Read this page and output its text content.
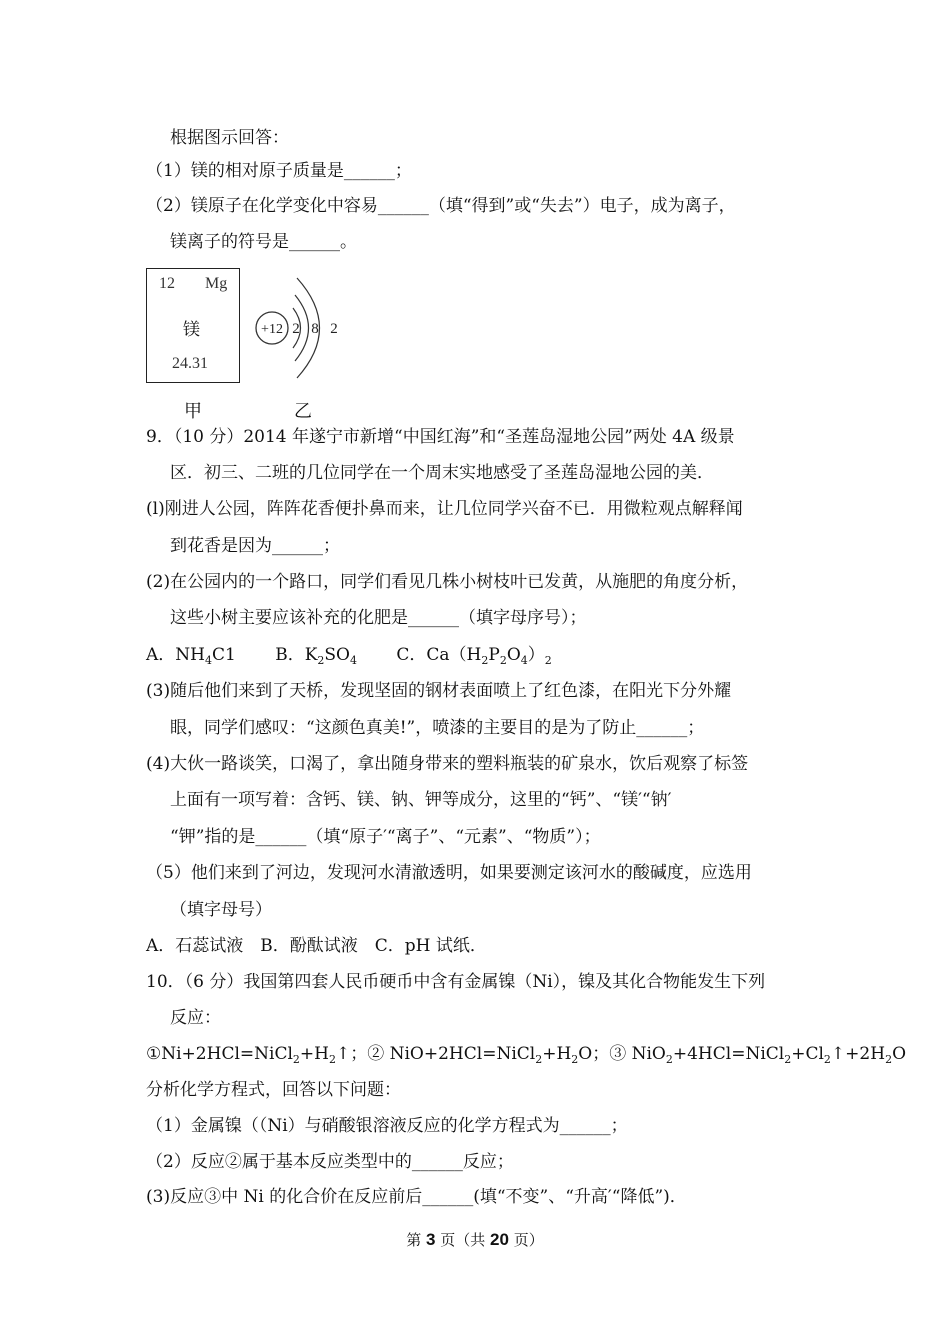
根据图示回答：
（1）镁的相对原子质量是______；
（2）镁原子在化学变化中容易______（填“得到”或“失去”）电子，成为离子，
镁离子的符号是______。
9．（10 分）2014 年遂宁市新增“中国红海”和“圣莲岛湿地公园”两处 4A 级景
区．初三、二班的几位同学在一个周末实地感受了圣莲岛湿地公园的美．
(l)刚进人公园，阵阵花香便扑鼻而来，让几位同学兴奋不已．用微粒观点解释闻
到花香是因为______；
(2)在公园内的一个路口，同学们看见几株小树枝叶已发黄，从施肥的角度分析，
这些小树主要应该补充的化肥是______（填字母序号）；
A．$NH_4C1$　　 B．$K_2SO_4$　　 C．$Ca(H_2P_2O_4)_2$
(3)随后他们来到了天桥，发现坚固的钢材表面喷上了红色漆，在阳光下分外耀
眼，同学们感叹：“这颜色真美!”，喷漆的主要目的是为了防止______；
(4)大伙一路谈笑，口渴了，拿出随身带来的塑料瓶装的矿泉水，饮后观察了标签
上面有一项写着：含钙、镁、钠、钾等成分，这里的“钙”、“镁′“钠′
“钾”指的是______（填“原子′“离子”、“元素”、“物质”）；
（5）他们来到了河边，发现河水清澈透明，如果要测定该河水的酸碱度，应选用
（填字母号）
A．石蕊试液　B．酚酞试液　C．pH 试纸．
10．（6 分）我国第四套人民币硬币中含有金属镍（Ni），镍及其化合物能发生下列
反应：
$①Ni+2HCl=NiCl_2+H_2↑$；② $NiO+2HCl=NiCl_2+H_2O$；③ $NiO_2+4HCl=NiCl_2+Cl_2↑+2H_2O$
分析化学方程式，回答以下问题：
（1）金属镍（（Ni）与硝酸银溶液反应的化学方程式为______；
（2）反应②属于基本反应类型中的______反应；
(3)反应③中 Ni 的化合价在反应前后______(填“不变”、“升高′“降低”)．
12 Mg
镁
24.31
+12 2 8 2
甲	乙
第 3 页（共 20 页）
